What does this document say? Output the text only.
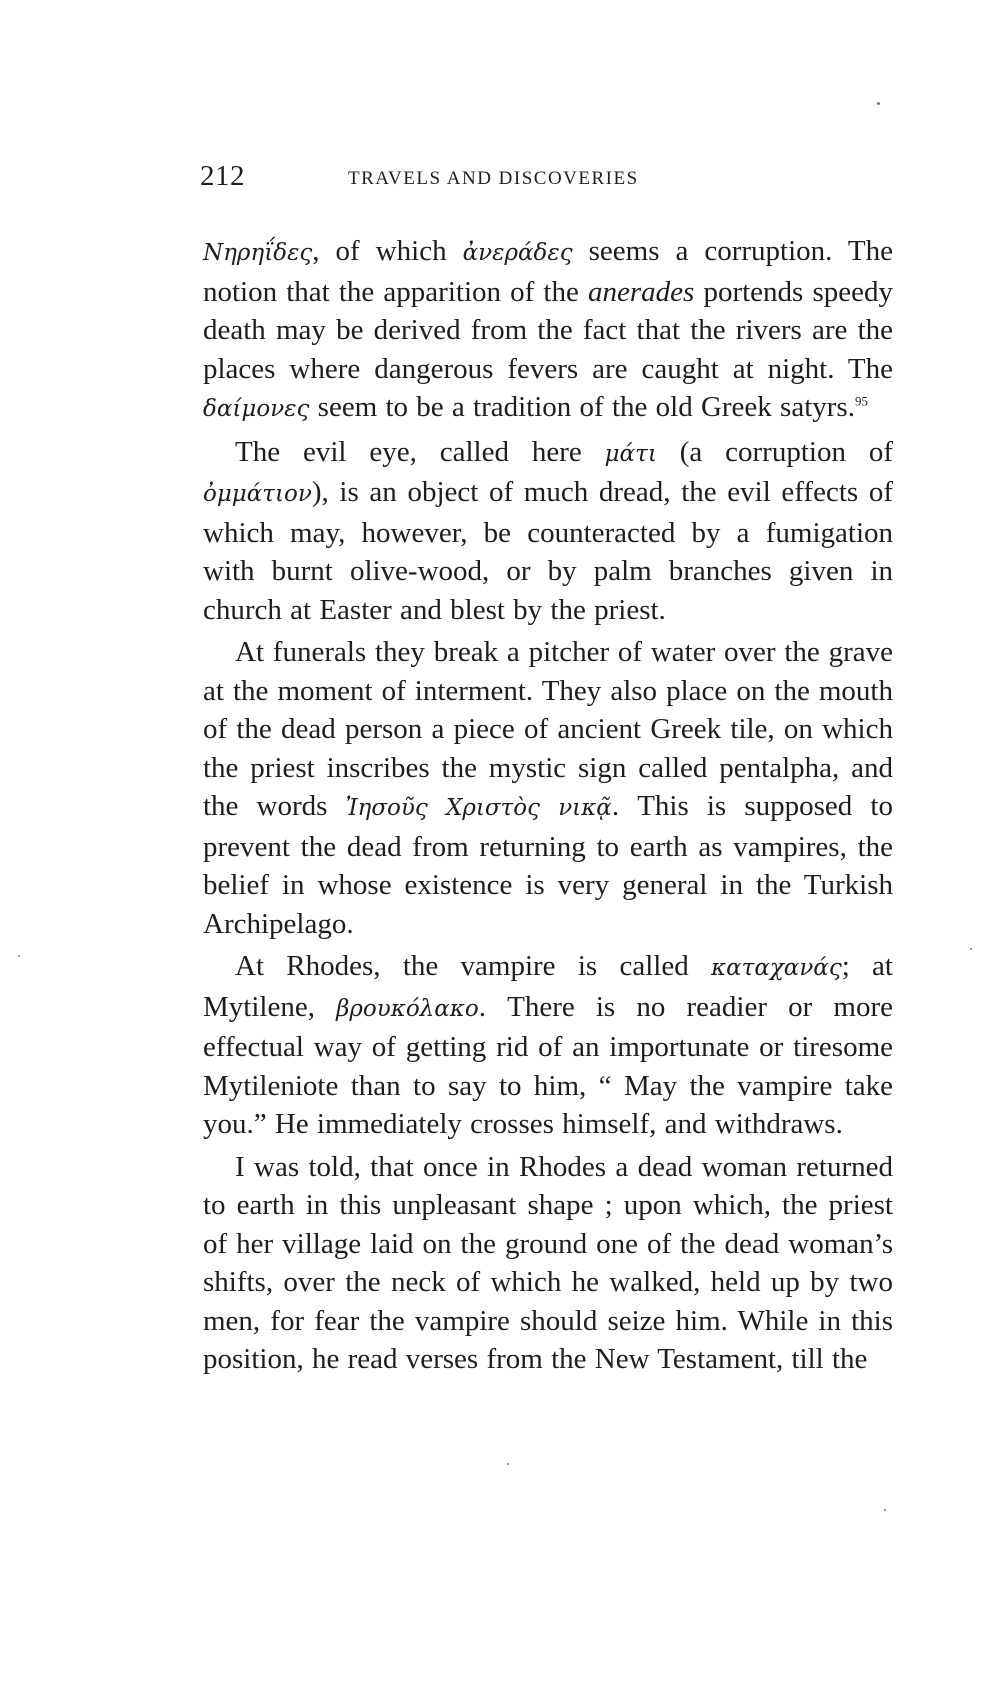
212	TRAVELS AND DISCOVERIES

Νηρηΐδες, of which ἀνεράδες seems a corruption. The notion that the apparition of the anerades portends speedy death may be derived from the fact that the rivers are the places where dangerous fevers are caught at night. The δαίμονες seem to be a tradition of the old Greek satyrs.$^{95}$

The evil eye, called here μάτι (a corruption of ὀμμάτιον), is an object of much dread, the evil effects of which may, however, be counteracted by a fumigation with burnt olive-wood, or by palm branches given in church at Easter and blest by the priest.

At funerals they break a pitcher of water over the grave at the moment of interment. They also place on the mouth of the dead person a piece of ancient Greek tile, on which the priest inscribes the mystic sign called pentalpha, and the words Ἰησοῦς Χριστὸς νικᾷ. This is supposed to prevent the dead from returning to earth as vampires, the belief in whose existence is very general in the Turkish Archipelago.

At Rhodes, the vampire is called καταχανάς; at Mytilene, βρουκόλακο. There is no readier or more effectual way of getting rid of an importunate or tiresome Mytileniote than to say to him, “ May the vampire take you.” He immediately crosses himself, and withdraws.

I was told, that once in Rhodes a dead woman returned to earth in this unpleasant shape ; upon which, the priest of her village laid on the ground one of the dead woman’s shifts, over the neck of which he walked, held up by two men, for fear the vampire should seize him. While in this position, he read verses from the New Testament, till the
